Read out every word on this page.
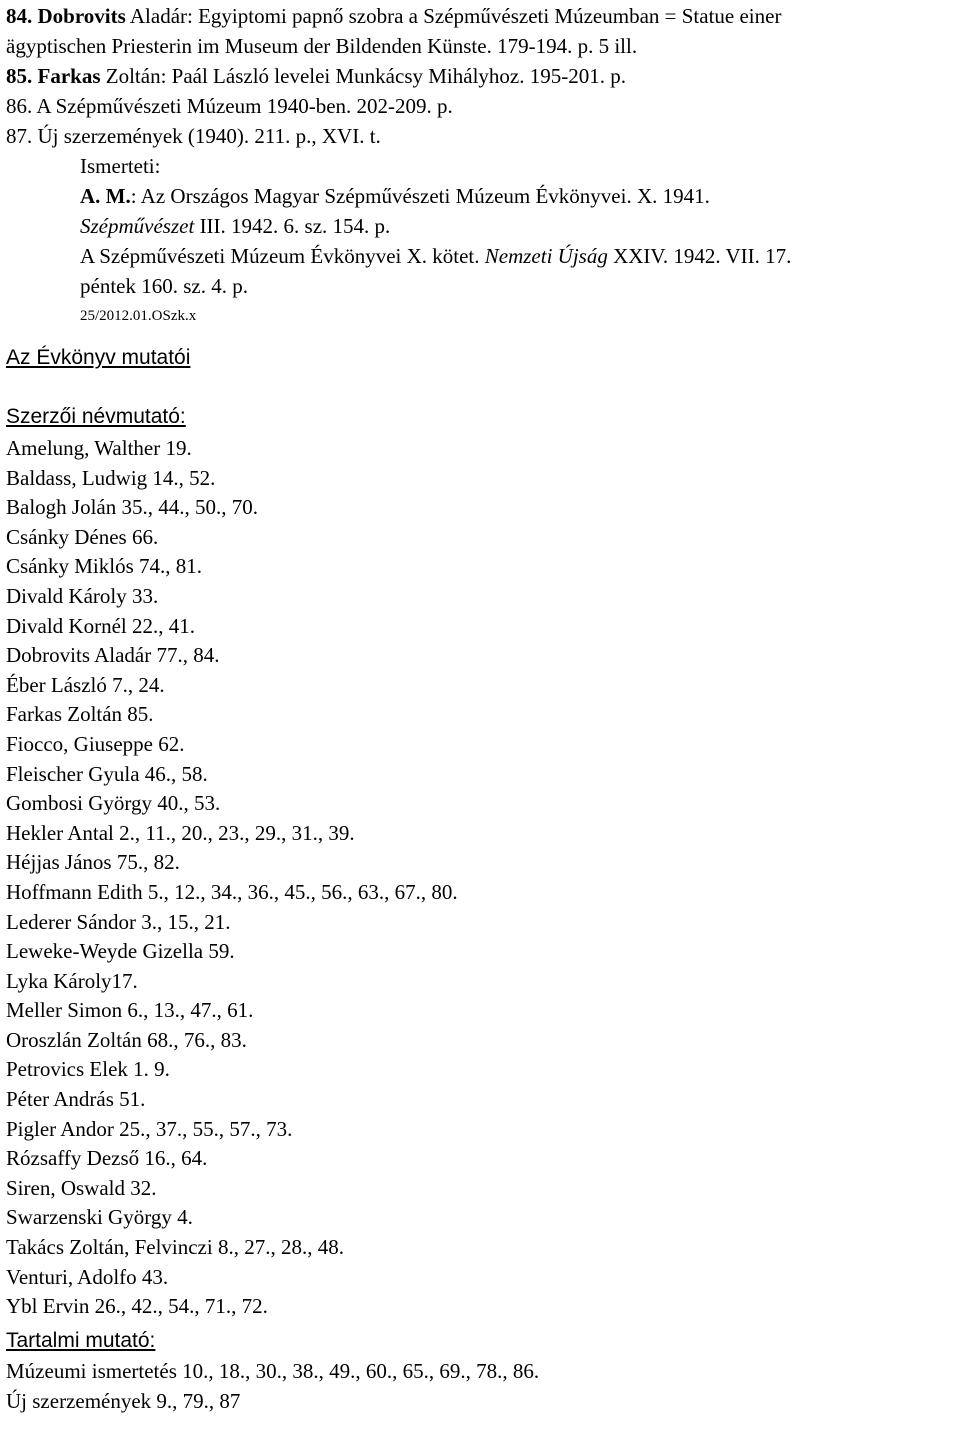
84. Dobrovits Aladár: Egyiptomi papnő szobra a Szépművészeti Múzeumban = Statue einer
ägyptischen Priesterin im Museum der Bildenden Künste. 179-194. p. 5 ill.
85. Farkas Zoltán: Paál László levelei Munkácsy Mihályhoz. 195-201. p.
86. A Szépművészeti Múzeum 1940-ben. 202-209. p.
87. Új szerzemények (1940). 211. p., XVI. t.
Ismerteti:
A. M.: Az Országos Magyar Szépművészeti Múzeum Évkönyvei. X. 1941.
Szépművészet III. 1942. 6. sz. 154. p.
A Szépművészeti Múzeum Évkönyvei X. kötet. Nemzeti Újság XXIV. 1942. VII. 17.
péntek 160. sz. 4. p.
25/2012.01.OSzk.x
Az Évkönyv mutatói
Szerzői névmutató:
Amelung, Walther 19.
Baldass, Ludwig 14., 52.
Balogh Jolán 35., 44., 50., 70.
Csánky Dénes 66.
Csánky Miklós 74., 81.
Divald Károly 33.
Divald Kornél 22., 41.
Dobrovits Aladár 77., 84.
Éber László 7., 24.
Farkas Zoltán 85.
Fiocco, Giuseppe 62.
Fleischer Gyula 46., 58.
Gombosi György 40., 53.
Hekler Antal 2., 11., 20., 23., 29., 31., 39.
Héjjas János 75., 82.
Hoffmann Edith 5., 12., 34., 36., 45., 56., 63., 67., 80.
Lederer Sándor 3., 15., 21.
Leweke-Weyde Gizella 59.
Lyka Károly17.
Meller Simon 6., 13., 47., 61.
Oroszlán Zoltán 68., 76., 83.
Petrovics Elek 1. 9.
Péter András 51.
Pigler Andor 25., 37., 55., 57., 73.
Rózsaffy Dezső 16., 64.
Siren, Oswald 32.
Swarzenski György 4.
Takács Zoltán, Felvinczi 8., 27., 28., 48.
Venturi, Adolfo 43.
Ybl Ervin 26., 42., 54., 71., 72.
Tartalmi mutató:
Múzeumi ismertetés 10., 18., 30., 38., 49., 60., 65., 69., 78., 86.
Új szerzemények 9., 79., 87
